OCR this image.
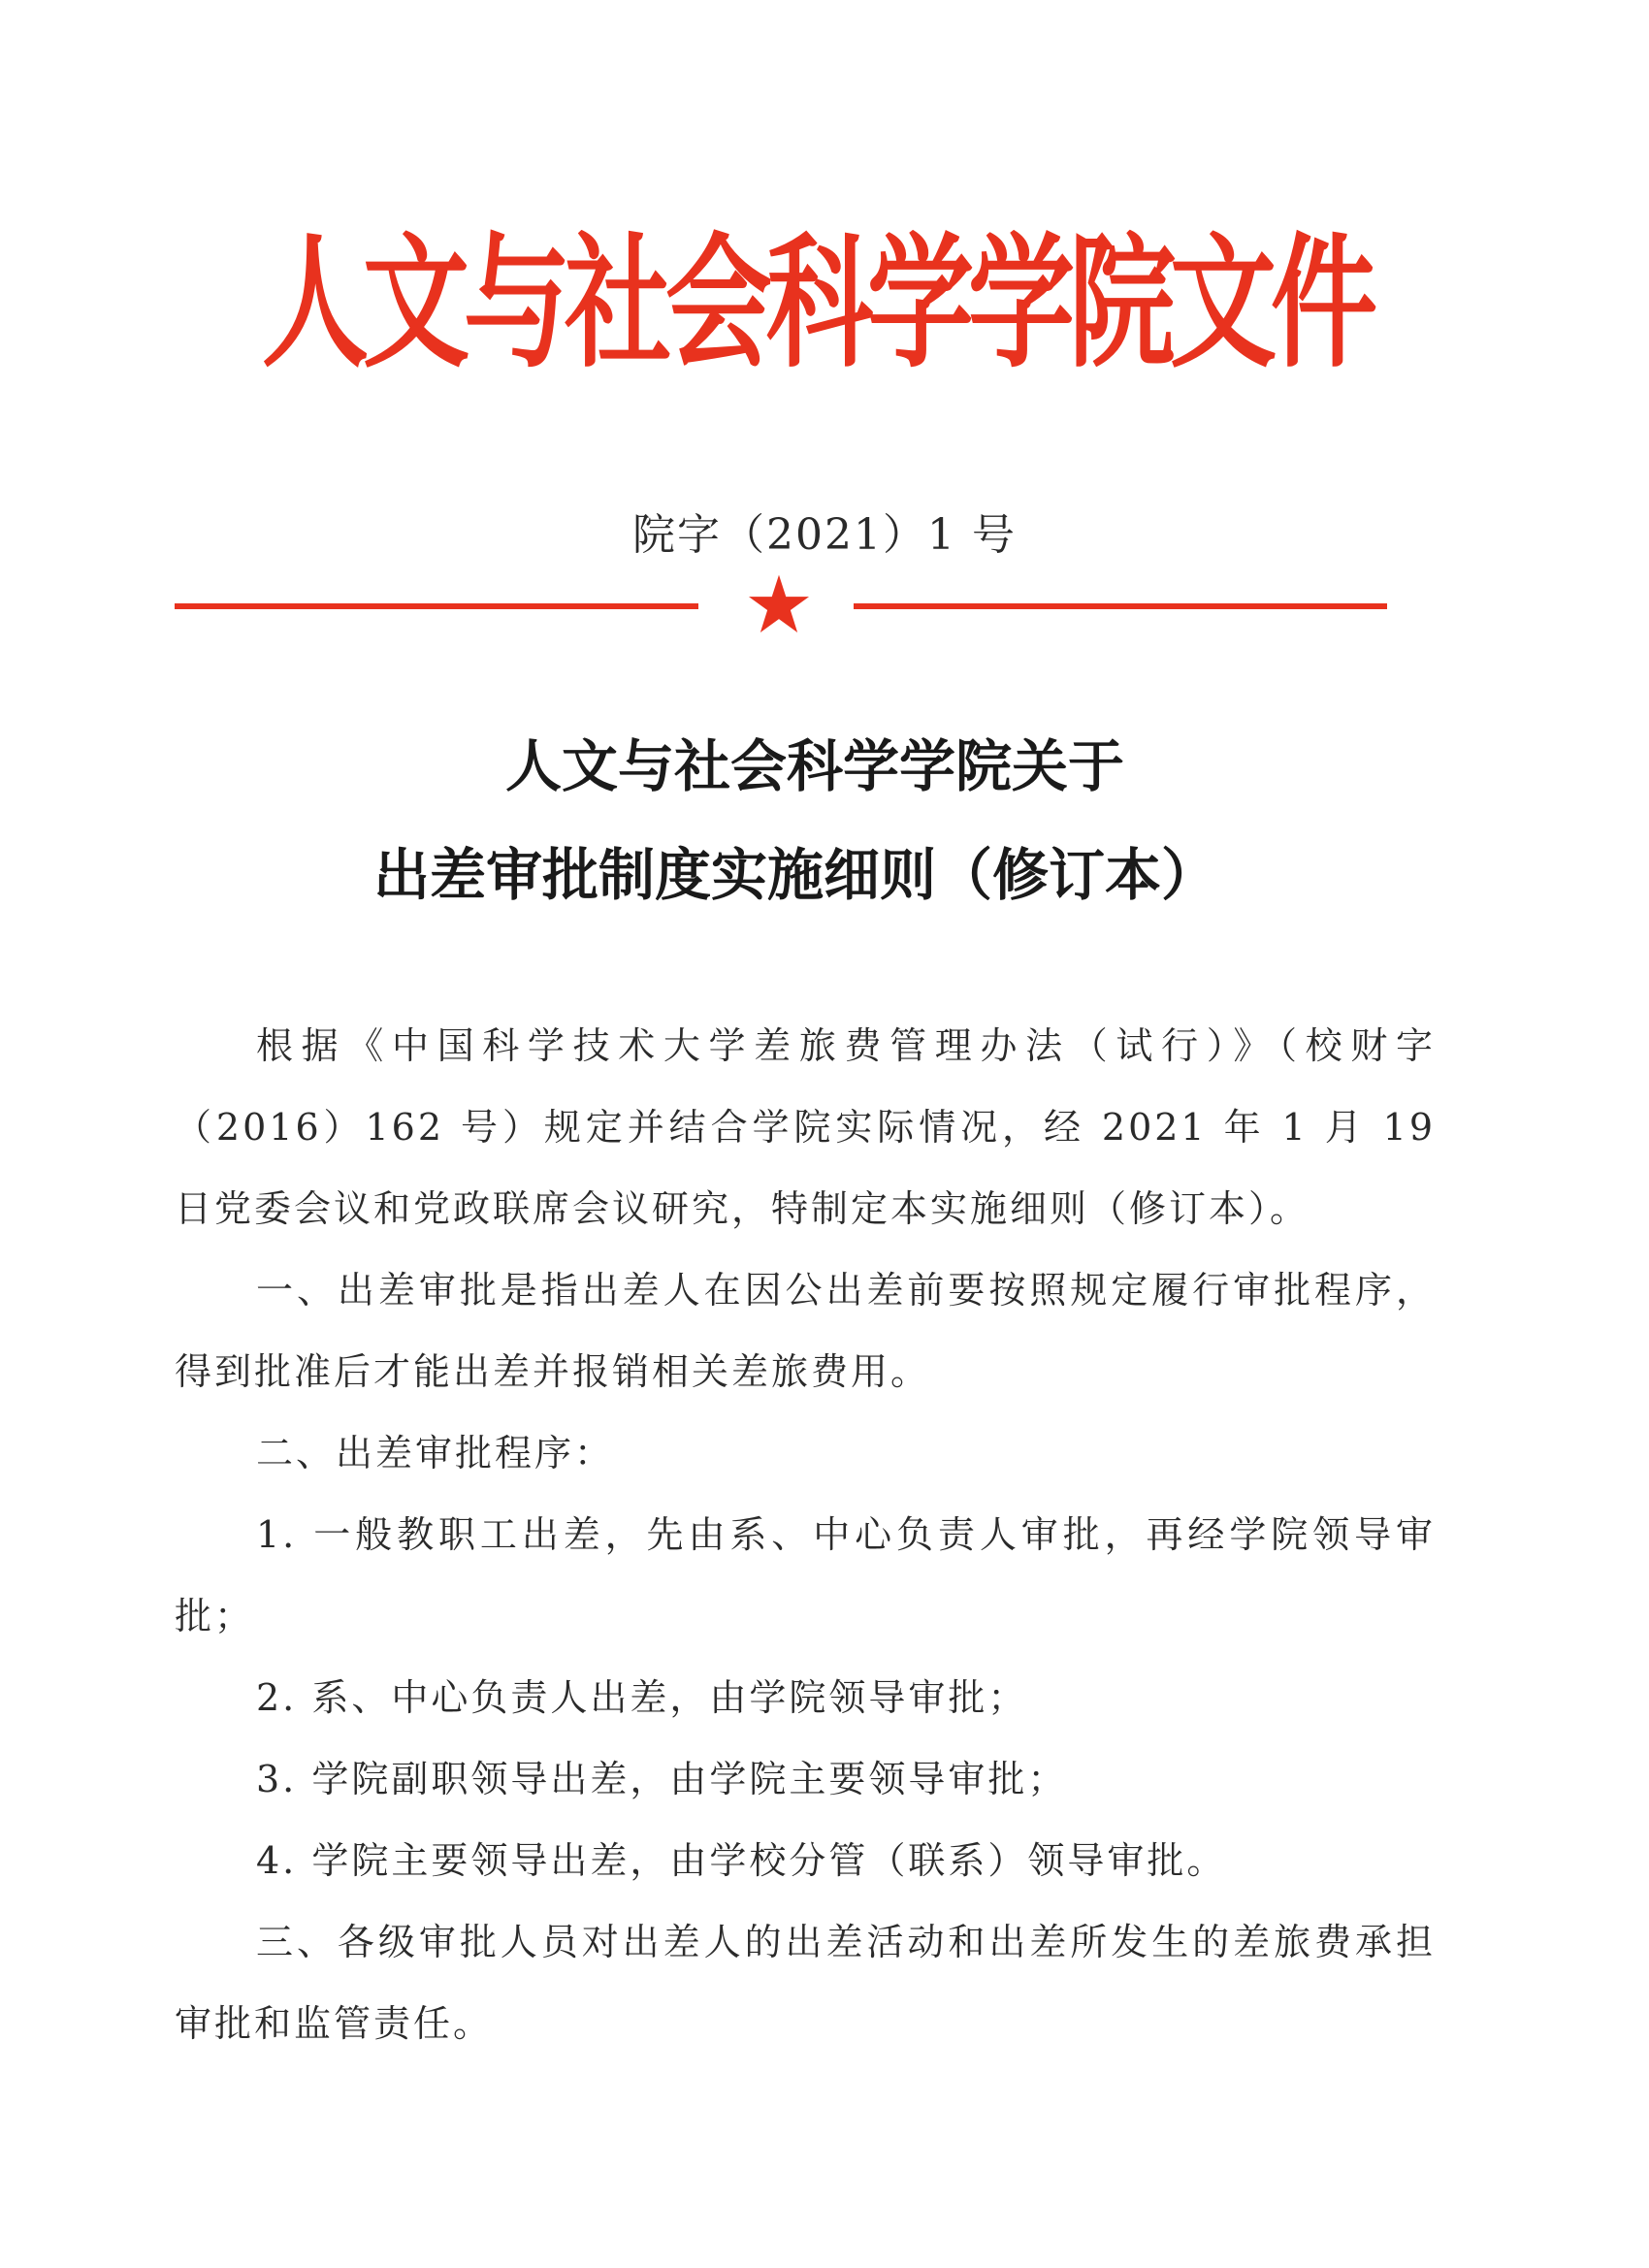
人文与社会科学学院文件
院字（2021）1 号
人文与社会科学学院关于
出差审批制度实施细则（修订本）

根据《中国科学技术大学差旅费管理办法（试行）》（校财字（2016）162 号）规定并结合学院实际情况，经 2021 年 1 月 19 日党委会议和党政联席会议研究，特制定本实施细则（修订本）。

一、出差审批是指出差人在因公出差前要按照规定履行审批程序，得到批准后才能出差并报销相关差旅费用。

二、出差审批程序：

1. 一般教职工出差，先由系、中心负责人审批，再经学院领导审批；

2. 系、中心负责人出差，由学院领导审批；

3. 学院副职领导出差，由学院主要领导审批；

4. 学院主要领导出差，由学校分管（联系）领导审批。

三、各级审批人员对出差人的出差活动和出差所发生的差旅费承担审批和监管责任。
